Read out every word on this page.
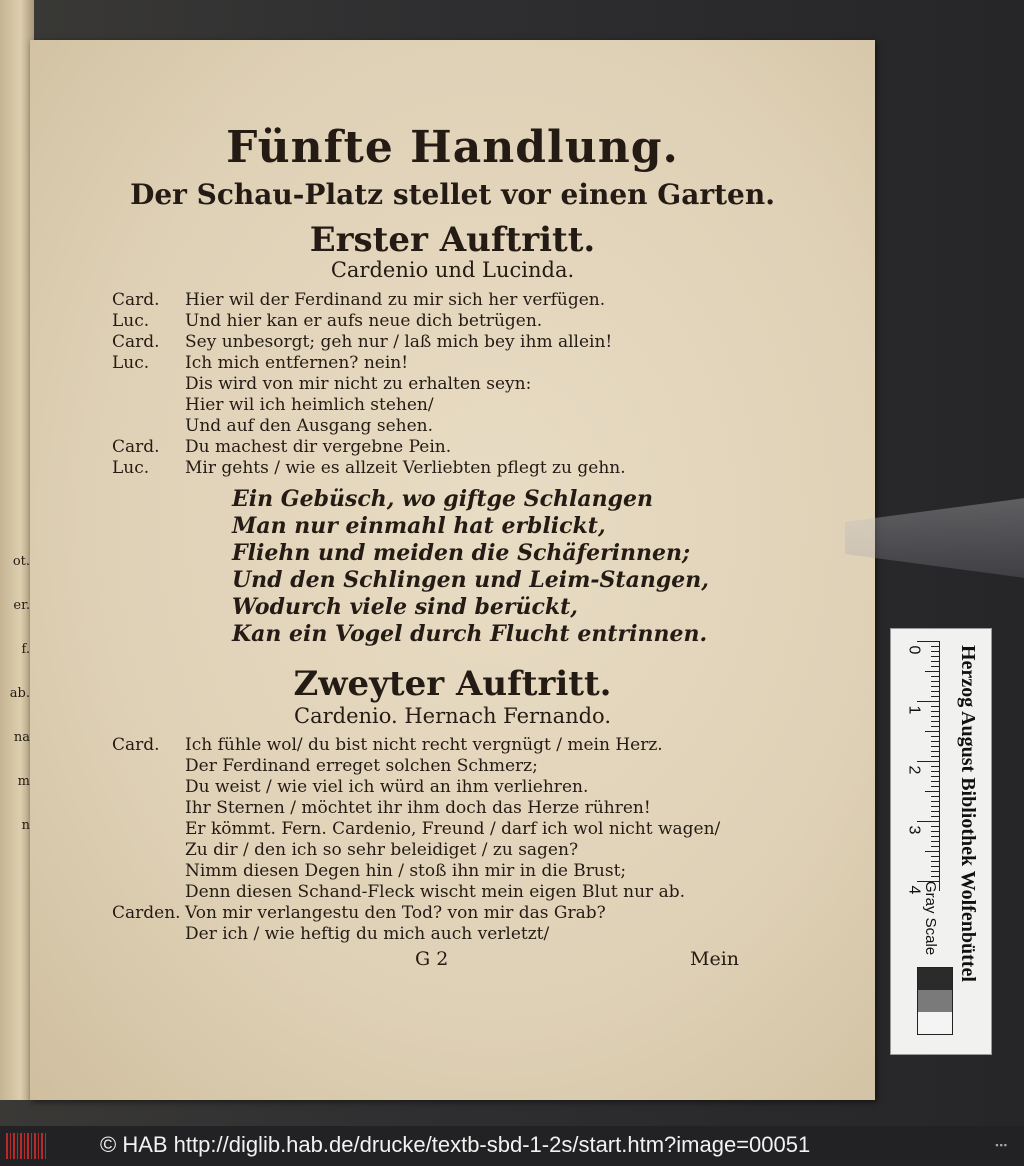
ot.
er.
f.
ab.
na
m
n
Fünfte Handlung.
Der Schau-Platz stellet vor einen Garten.
Erster Auftritt.
Cardenio und Lucinda.
Card.	Hier wil der Ferdinand zu mir sich her verfügen.
Luc.	Und hier kan er aufs neue dich betrügen.
Card.	Sey unbesorgt; geh nur / laß mich bey ihm allein!
Luc.	Ich mich entfernen? nein!
Dis wird von mir nicht zu erhalten seyn:
Hier wil ich heimlich stehen/
Und auf den Ausgang sehen.
Card.	Du machest dir vergebne Pein.
Luc.	Mir gehts / wie es allzeit Verliebten pflegt zu gehn.
Ein Gebüsch, wo giftge Schlangen
Man nur einmahl hat erblickt,
Fliehn und meiden die Schäferinnen;
Und den Schlingen und Leim-Stangen,
Wodurch viele sind berückt,
Kan ein Vogel durch Flucht entrinnen.
Zweyter Auftritt.
Cardenio. Hernach Fernando.
Card.	Ich fühle wol/ du bist nicht recht vergnügt / mein Herz.
Der Ferdinand erreget solchen Schmerz;
Du weist / wie viel ich würd an ihm verliehren.
Ihr Sternen / möchtet ihr ihm doch das Herze rühren!
Er kömmt. Fern. Cardenio, Freund / darf ich wol nicht wagen/
Zu dir / den ich so sehr beleidiget / zu sagen?
Nimm diesen Degen hin / stoß ihn mir in die Brust;
Denn diesen Schand-Fleck wischt mein eigen Blut nur ab.
Carden. Von mir verlangestu den Tod? von mir das Grab?
Der ich / wie heftig du mich auch verletzt/
G 2	Mein
0
1
2
3
4 Herzog August Bibliothek Wolfenbüttel
Gray Scale
© HAB http://diglib.hab.de/drucke/textb-sbd-1-2s/start.htm?image=00051	▪▪▪
